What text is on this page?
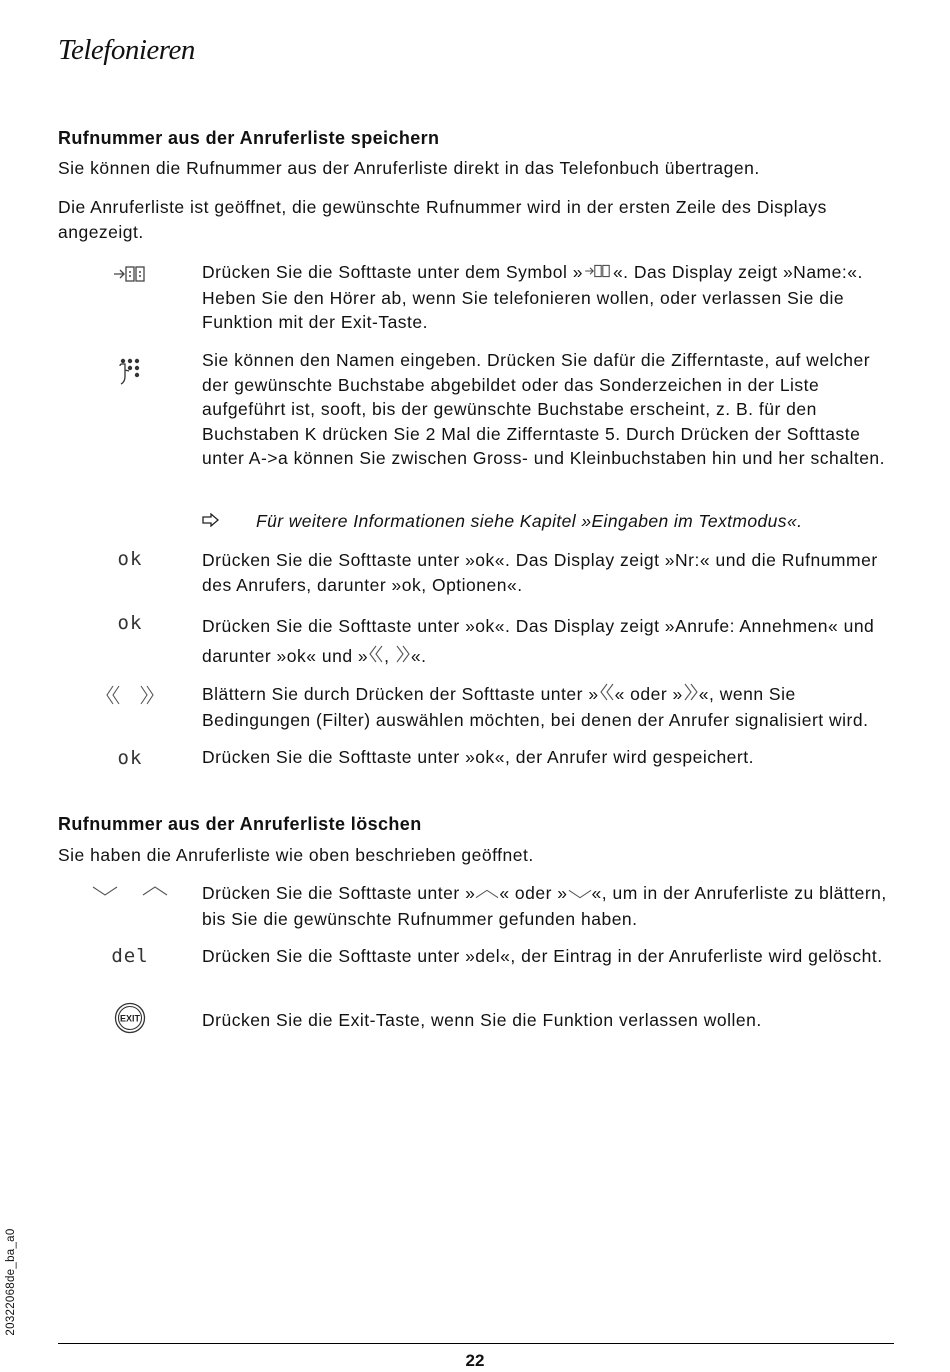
Telefonieren
Rufnummer aus der Anruferliste speichern
Sie können die Rufnummer aus der Anruferliste direkt in das Telefonbuch übertragen.
Die Anruferliste ist geöffnet, die gewünschte Rufnummer wird in der ersten Zeile des Displays angezeigt.
Drücken Sie die Softtaste unter dem Symbol » «. Das Display zeigt »Name:«. Heben Sie den Hörer ab, wenn Sie telefonieren wollen, oder verlassen Sie die Funktion mit der Exit-Taste.
Sie können den Namen eingeben. Drücken Sie dafür die Zifferntaste, auf welcher der gewünschte Buchstabe abgebildet oder das Sonderzeichen in der Liste aufgeführt ist, sooft, bis der gewünschte Buchstabe erscheint, z. B. für den Buchstaben K drücken Sie 2 Mal die Zifferntaste 5. Durch Drücken der Softtaste unter A->a können Sie zwischen Gross- und Kleinbuchstaben hin und her schalten.
Für weitere Informationen siehe Kapitel »Eingaben im Textmodus«.
ok	Drücken Sie die Softtaste unter »ok«. Das Display zeigt »Nr:« und die Rufnummer des Anrufers, darunter »ok, Optionen«.
ok	Drücken Sie die Softtaste unter »ok«. Das Display zeigt »Anrufe: Annehmen« und darunter »ok« und » , «.
Blättern Sie durch Drücken der Softtaste unter » « oder » «, wenn Sie Bedingungen (Filter) auswählen möchten, bei denen der Anrufer signalisiert wird.
ok	Drücken Sie die Softtaste unter »ok«, der Anrufer wird gespeichert.
Rufnummer aus der Anruferliste löschen
Sie haben die Anruferliste wie oben beschrieben geöffnet.
Drücken Sie die Softtaste unter » « oder » «, um in der Anruferliste zu blättern, bis Sie die gewünschte Rufnummer gefunden haben.
del	Drücken Sie die Softtaste unter »del«, der Eintrag in der Anruferliste wird gelöscht.
EXIT	Drücken Sie die Exit-Taste, wenn Sie die Funktion verlassen wollen.
20322068de_ba_a0
22
